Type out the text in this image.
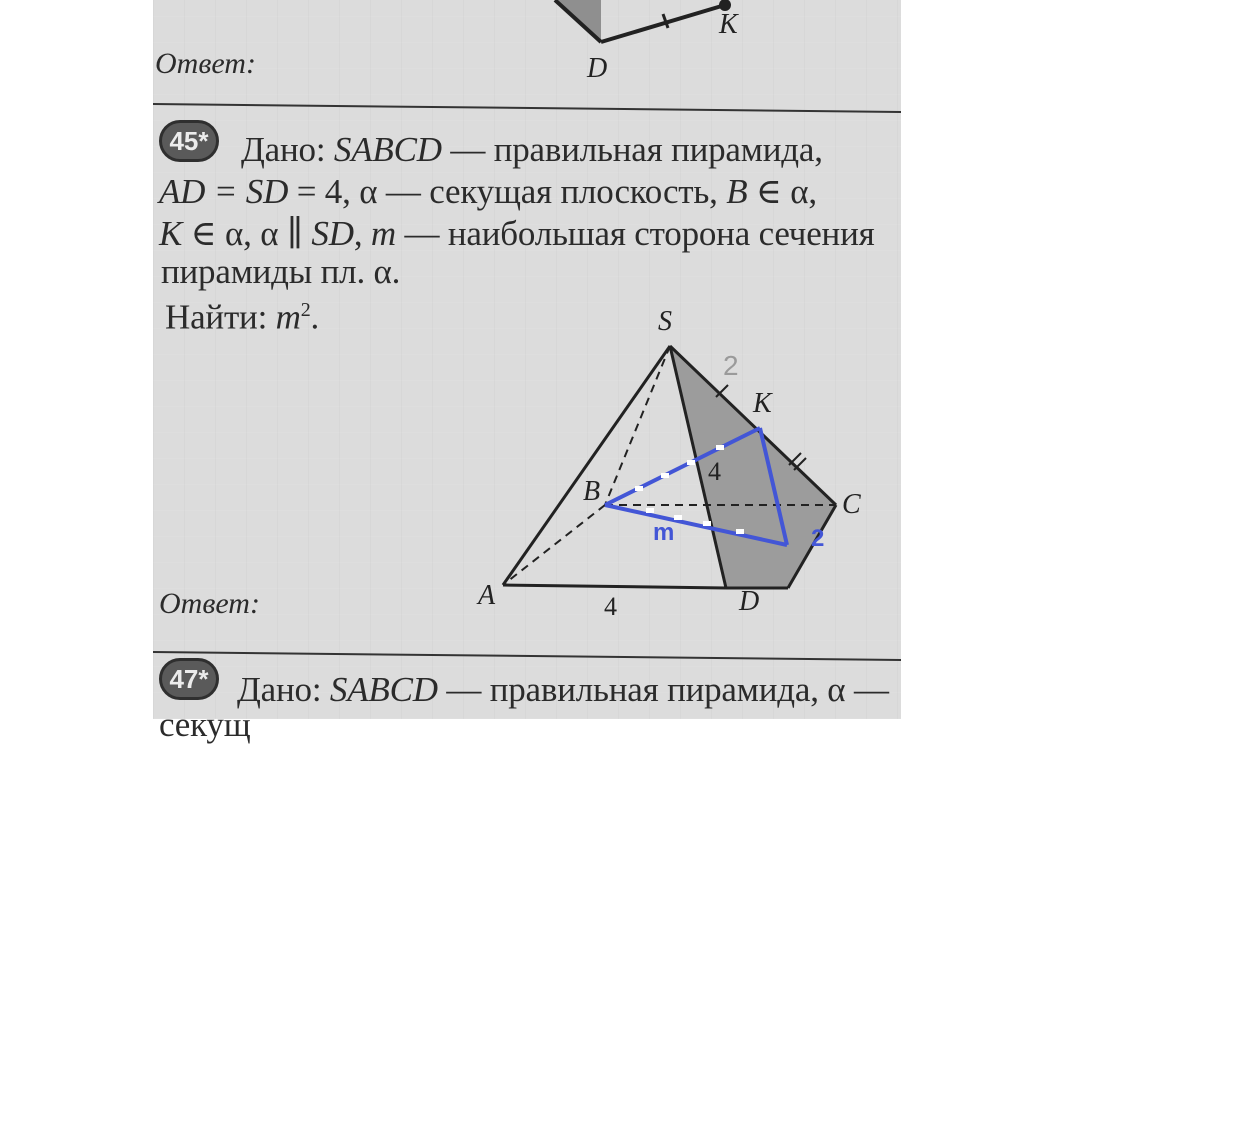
K
D
S
K
B	C
A	D
4
4
2
m	2

Ответ:

45* Дано: SABCD — правильная пирамида,

AD = SD = 4, α — секущая плоскость, B ∈ α,

K ∈ α, α ∥ SD, m — наибольшая сторона сечения

пирамиды пл. α.

Найти: $m^2$.

Ответ:

47* Дано: SABCD — правильная пирамида, α —

секущ
